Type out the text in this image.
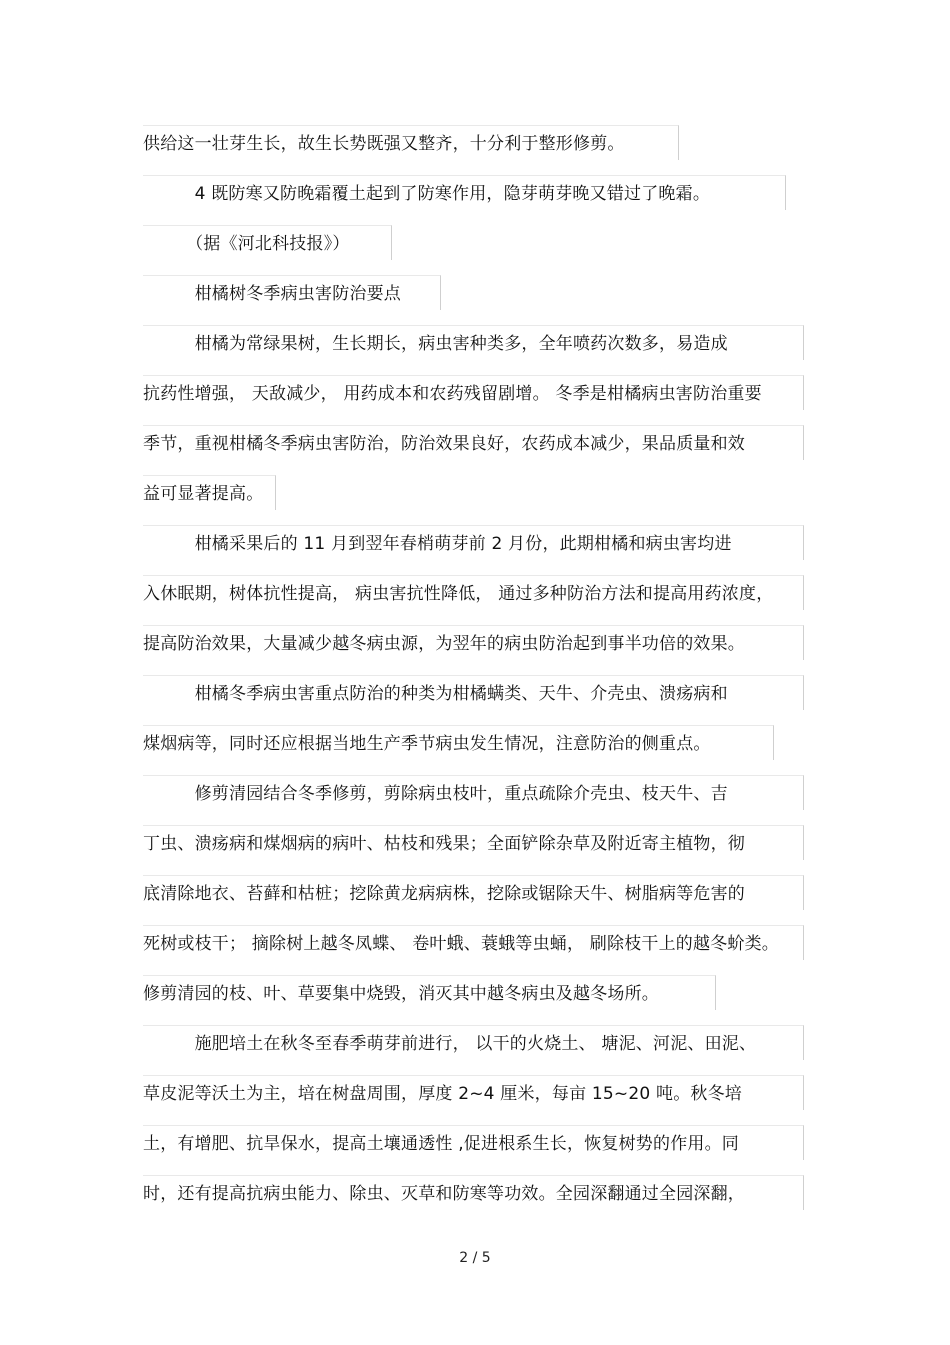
供给这一壮芽生长，故生长势既强又整齐，十分利于整形修剪。
　　　4 既防寒又防晚霜覆土起到了防寒作用，隐芽萌芽晚又错过了晚霜。
　　　（据《河北科技报》）
　　　柑橘树冬季病虫害防治要点
　　　柑橘为常绿果树，生长期长，病虫害种类多，全年喷药次数多，易造成
抗药性增强， 天敌减少， 用药成本和农药残留剧增。 冬季是柑橘病虫害防治重要
季节，重视柑橘冬季病虫害防治，防治效果良好，农药成本减少，果品质量和效
益可显著提高。
　　　柑橘采果后的 11 月到翌年春梢萌芽前 2 月份，此期柑橘和病虫害均进
入休眠期，树体抗性提高， 病虫害抗性降低， 通过多种防治方法和提高用药浓度，
提高防治效果，大量减少越冬病虫源，为翌年的病虫防治起到事半功倍的效果。
　　　柑橘冬季病虫害重点防治的种类为柑橘螨类、天牛、介壳虫、溃疡病和
煤烟病等，同时还应根据当地生产季节病虫发生情况，注意防治的侧重点。
　　　修剪清园结合冬季修剪，剪除病虫枝叶，重点疏除介壳虫、枝天牛、吉
丁虫、溃疡病和煤烟病的病叶、枯枝和残果；全面铲除杂草及附近寄主植物，彻
底清除地衣、苔藓和枯桩；挖除黄龙病病株，挖除或锯除天牛、树脂病等危害的
死树或枝干； 摘除树上越冬凤蝶、 卷叶蛾、蓑蛾等虫蛹， 刷除枝干上的越冬蚧类。
修剪清园的枝、叶、草要集中烧毁，消灭其中越冬病虫及越冬场所。
　　　施肥培土在秋冬至春季萌芽前进行， 以干的火烧土、 塘泥、河泥、田泥、
草皮泥等沃土为主，培在树盘周围，厚度 2~4 厘米，每亩 15~20 吨。秋冬培
土，有增肥、抗旱保水，提高土壤通透性 ,促进根系生长，恢复树势的作用。同
时，还有提高抗病虫能力、除虫、灭草和防寒等功效。全园深翻通过全园深翻，
2 / 5
